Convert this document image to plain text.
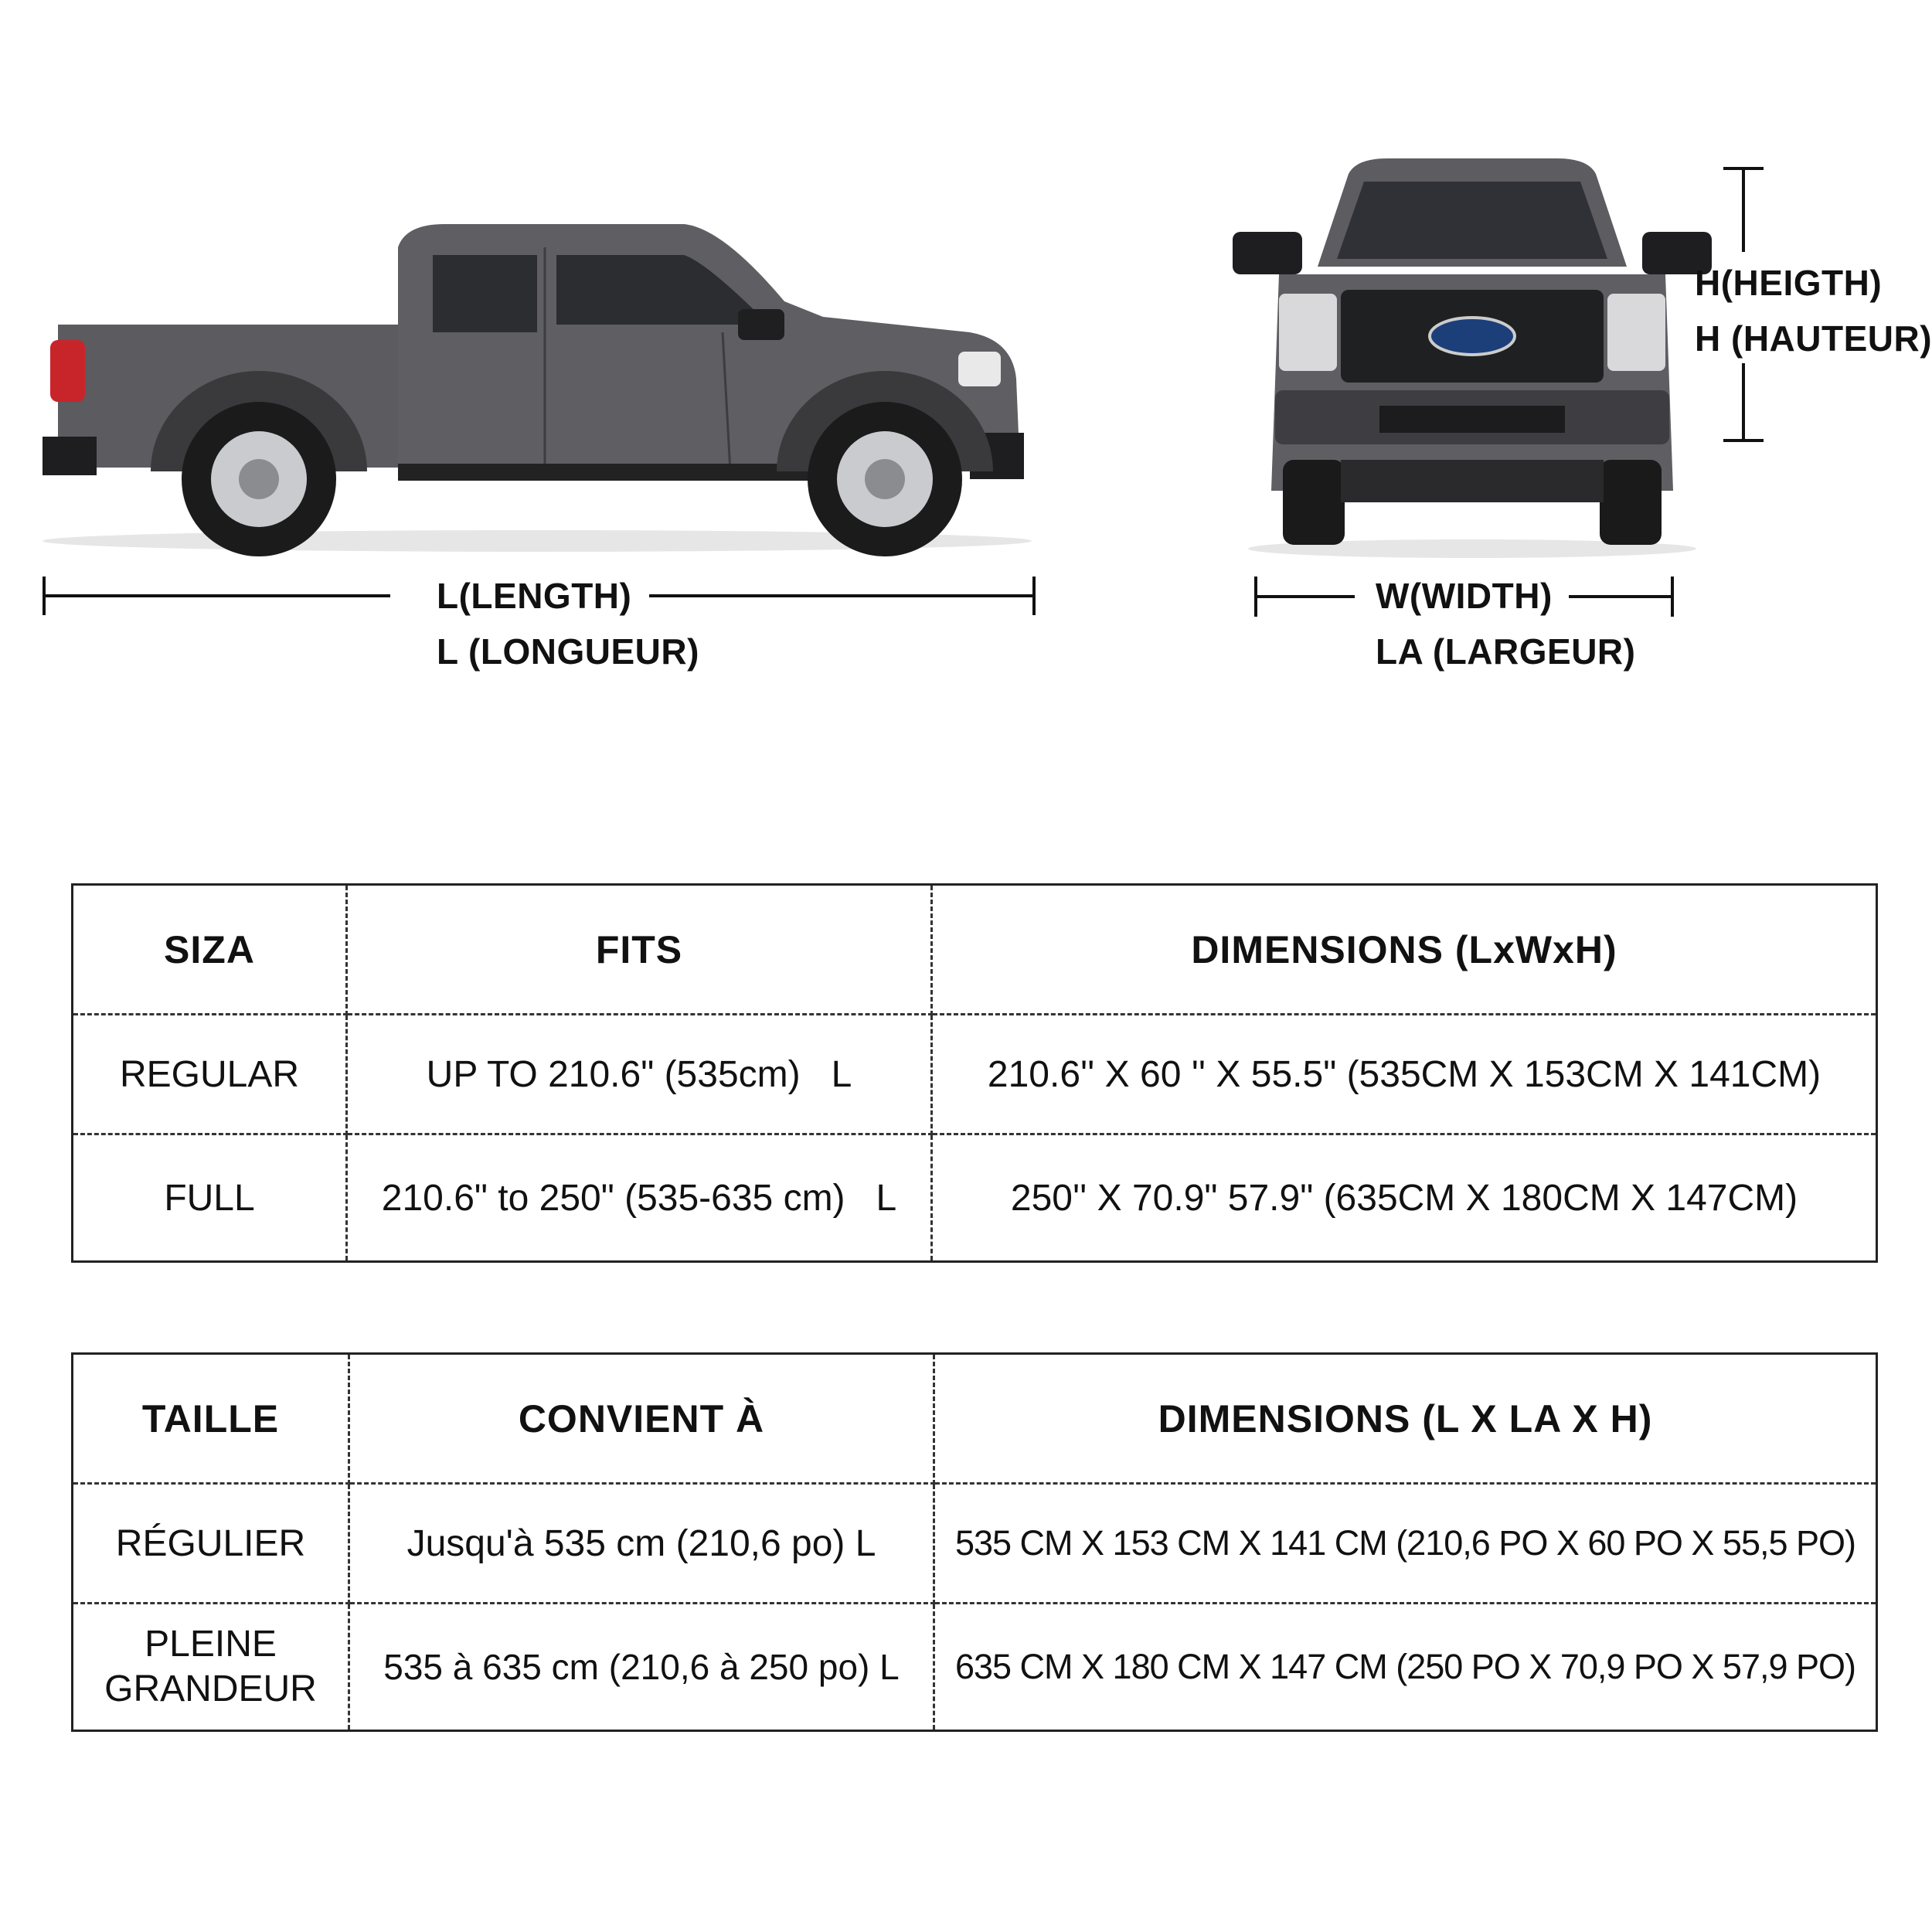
L(LENGTH)
L (LONGUEUR)
W(WIDTH)
LA (LARGEUR)
H(HEIGTH)
H (HAUTEUR)
SIZA	FITS	DIMENSIONS (LxWxH)
REGULAR	UP TO 210.6" (535cm)   L	210.6'' X 60 '' X 55.5" (535CM X 153CM X 141CM)
FULL	210.6" to 250" (535-635 cm)   L	250'' X 70.9" 57.9" (635CM X 180CM X 147CM)
TAILLE	CONVIENT À	DIMENSIONS (L X LA X H)
RÉGULIER	Jusqu'à 535 cm (210,6 po) L	535 CM X 153 CM X 141 CM (210,6 PO X 60 PO X 55,5 PO)

PLEINE
GRANDEUR	535 à 635 cm (210,6 à 250 po) L	635 CM X 180 CM X 147 CM (250 PO X 70,9 PO X 57,9 PO)
